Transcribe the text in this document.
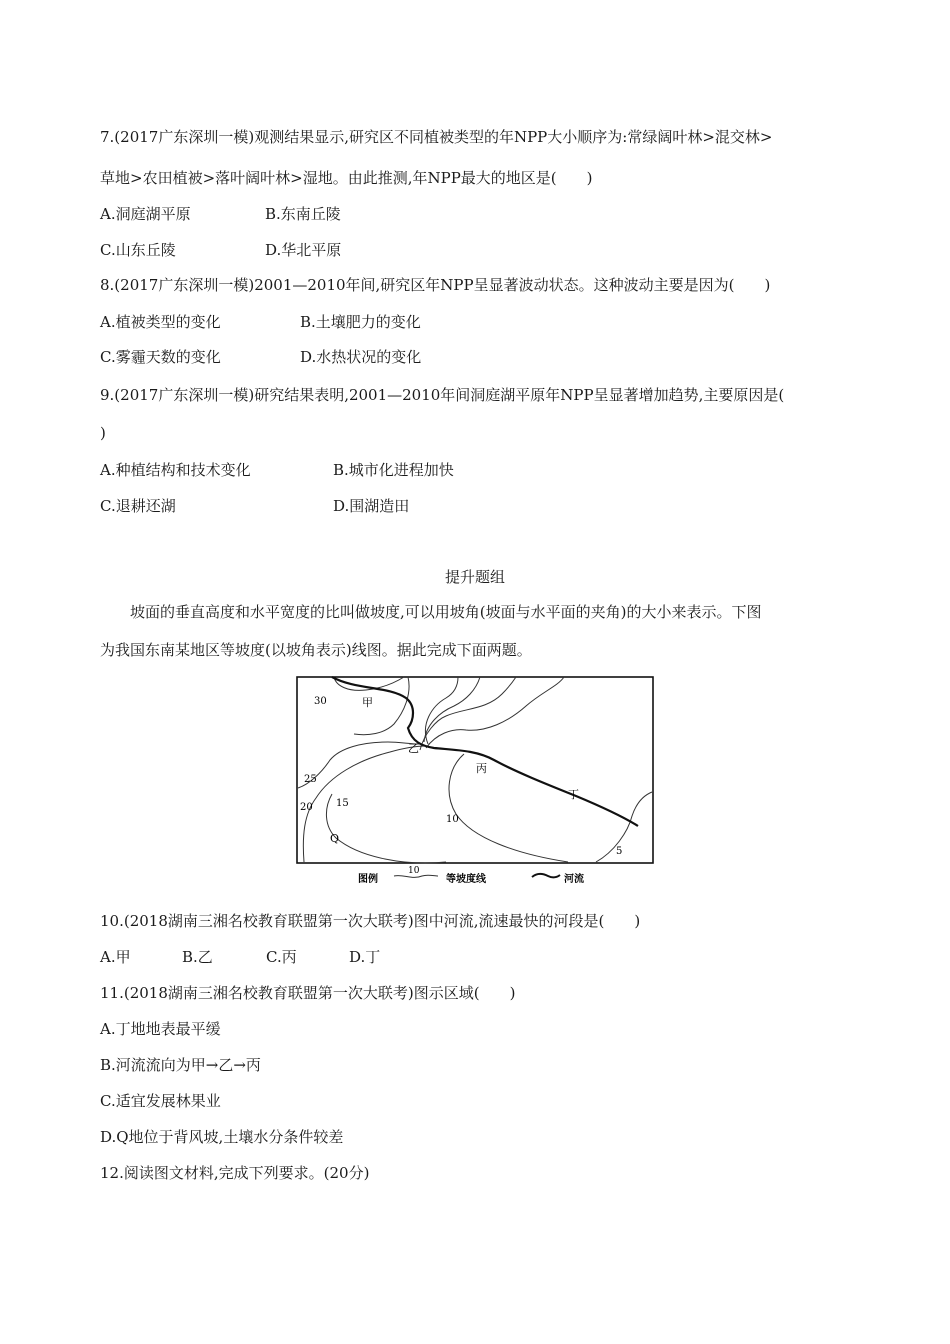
7.(2017广东深圳一模)观测结果显示,研究区不同植被类型的年NPP大小顺序为:常绿阔叶林>混交林>
草地>农田植被>落叶阔叶林>湿地。由此推测,年NPP最大的地区是(　　)
A.洞庭湖平原	B.东南丘陵
C.山东丘陵	D.华北平原
8.(2017广东深圳一模)2001—2010年间,研究区年NPP呈显著波动状态。这种波动主要是因为(　　)
A.植被类型的变化	B.土壤肥力的变化
C.雾霾天数的变化	D.水热状况的变化
9.(2017广东深圳一模)研究结果表明,2001—2010年间洞庭湖平原年NPP呈显著增加趋势,主要原因是(
)
A.种植结构和技术变化	B.城市化进程加快
C.退耕还湖	D.围湖造田
提升题组
坡面的垂直高度和水平宽度的比叫做坡度,可以用坡角(坡面与水平面的夹角)的大小来表示。下图
为我国东南某地区等坡度(以坡角表示)线图。据此完成下面两题。
甲
乙
丙
丁
Q
30
25
20 15
10
5
图例
10
等坡度线	河流
10.(2018湖南三湘名校教育联盟第一次大联考)图中河流,流速最快的河段是(　　)
A.甲	B.乙	C.丙	D.丁
11.(2018湖南三湘名校教育联盟第一次大联考)图示区域(　　)
A.丁地地表最平缓
B.河流流向为甲→乙→丙
C.适宜发展林果业
D.Q地位于背风坡,土壤水分条件较差
12.阅读图文材料,完成下列要求。(20分)
